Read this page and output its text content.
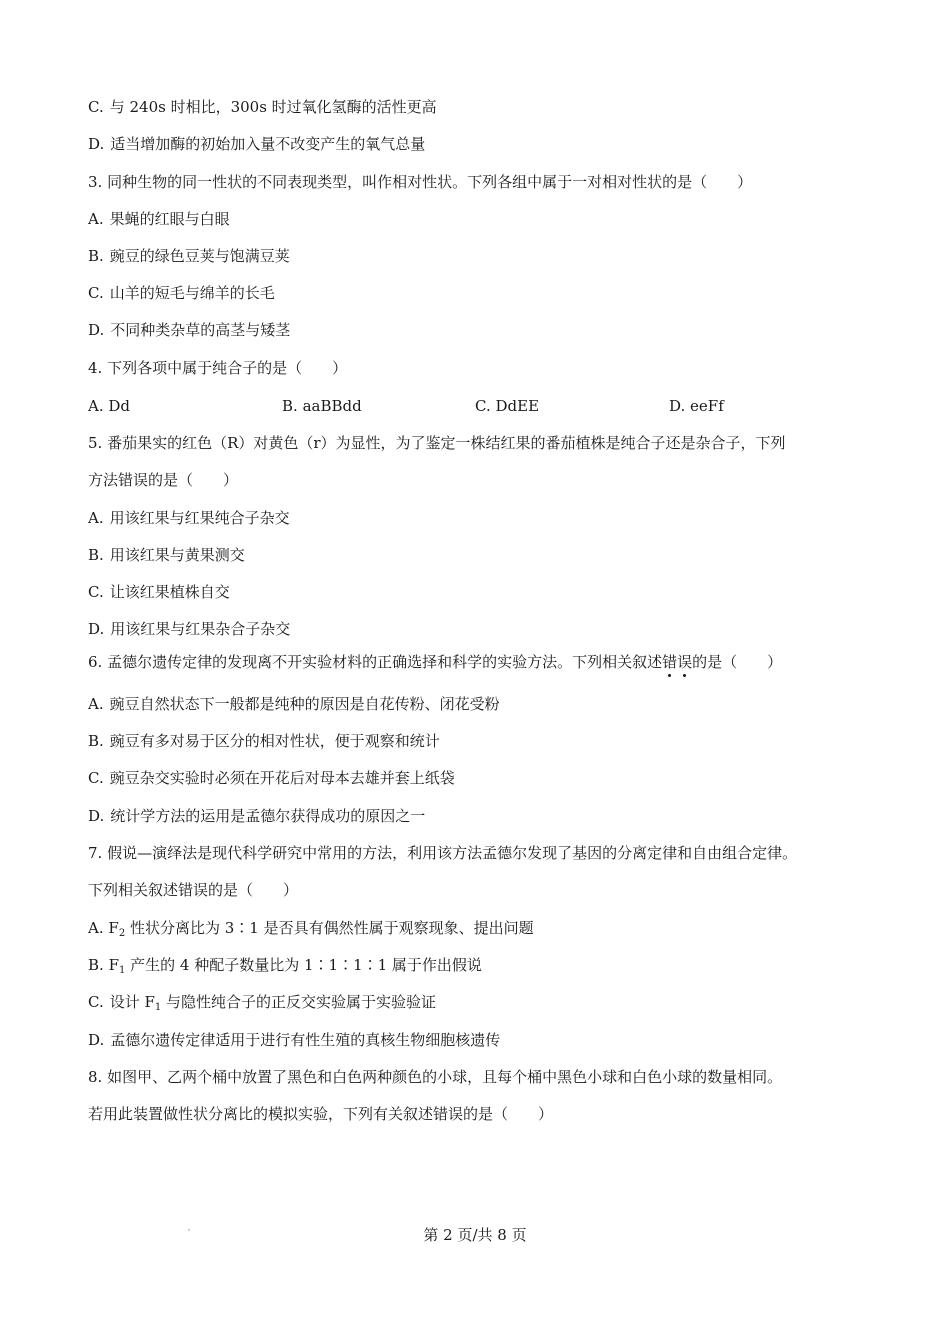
C. 与 240s 时相比，300s 时过氧化氢酶的活性更高
D. 适当增加酶的初始加入量不改变产生的氧气总量
3. 同种生物的同一性状的不同表现类型，叫作相对性状。下列各组中属于一对相对性状的是（　　）
A. 果蝇的红眼与白眼
B. 豌豆的绿色豆荚与饱满豆荚
C. 山羊的短毛与绵羊的长毛
D. 不同种类杂草的高茎与矮茎
4. 下列各项中属于纯合子的是（　　）
A. Dd	B. aaBBdd	C. DdEE	D. eeFf
5. 番茄果实的红色（R）对黄色（r）为显性，为了鉴定一株结红果的番茄植株是纯合子还是杂合子，下列
方法错误的是（　　）
A. 用该红果与红果纯合子杂交
B. 用该红果与黄果测交
C. 让该红果植株自交
D. 用该红果与红果杂合子杂交
6. 孟德尔遗传定律的发现离不开实验材料的正确选择和科学的实验方法。下列相关叙述错误的是（　　）
A. 豌豆自然状态下一般都是纯种的原因是自花传粉、闭花受粉
B. 豌豆有多对易于区分的相对性状，便于观察和统计
C. 豌豆杂交实验时必须在开花后对母本去雄并套上纸袋
D. 统计学方法的运用是孟德尔获得成功的原因之一
7. 假说—演绎法是现代科学研究中常用的方法，利用该方法孟德尔发现了基因的分离定律和自由组合定律。
下列相关叙述错误的是（　　）
A. $F_2$ 性状分离比为 3∶1 是否具有偶然性属于观察现象、提出问题
B. $F_1$ 产生的 4 种配子数量比为 1∶1∶1∶1 属于作出假说
C. 设计 $F_1$ 与隐性纯合子的正反交实验属于实验验证
D. 孟德尔遗传定律适用于进行有性生殖的真核生物细胞核遗传
8. 如图甲、乙两个桶中放置了黑色和白色两种颜色的小球，且每个桶中黑色小球和白色小球的数量相同。
若用此装置做性状分离比的模拟实验，下列有关叙述错误的是（　　）
第 2 页/共 8 页
